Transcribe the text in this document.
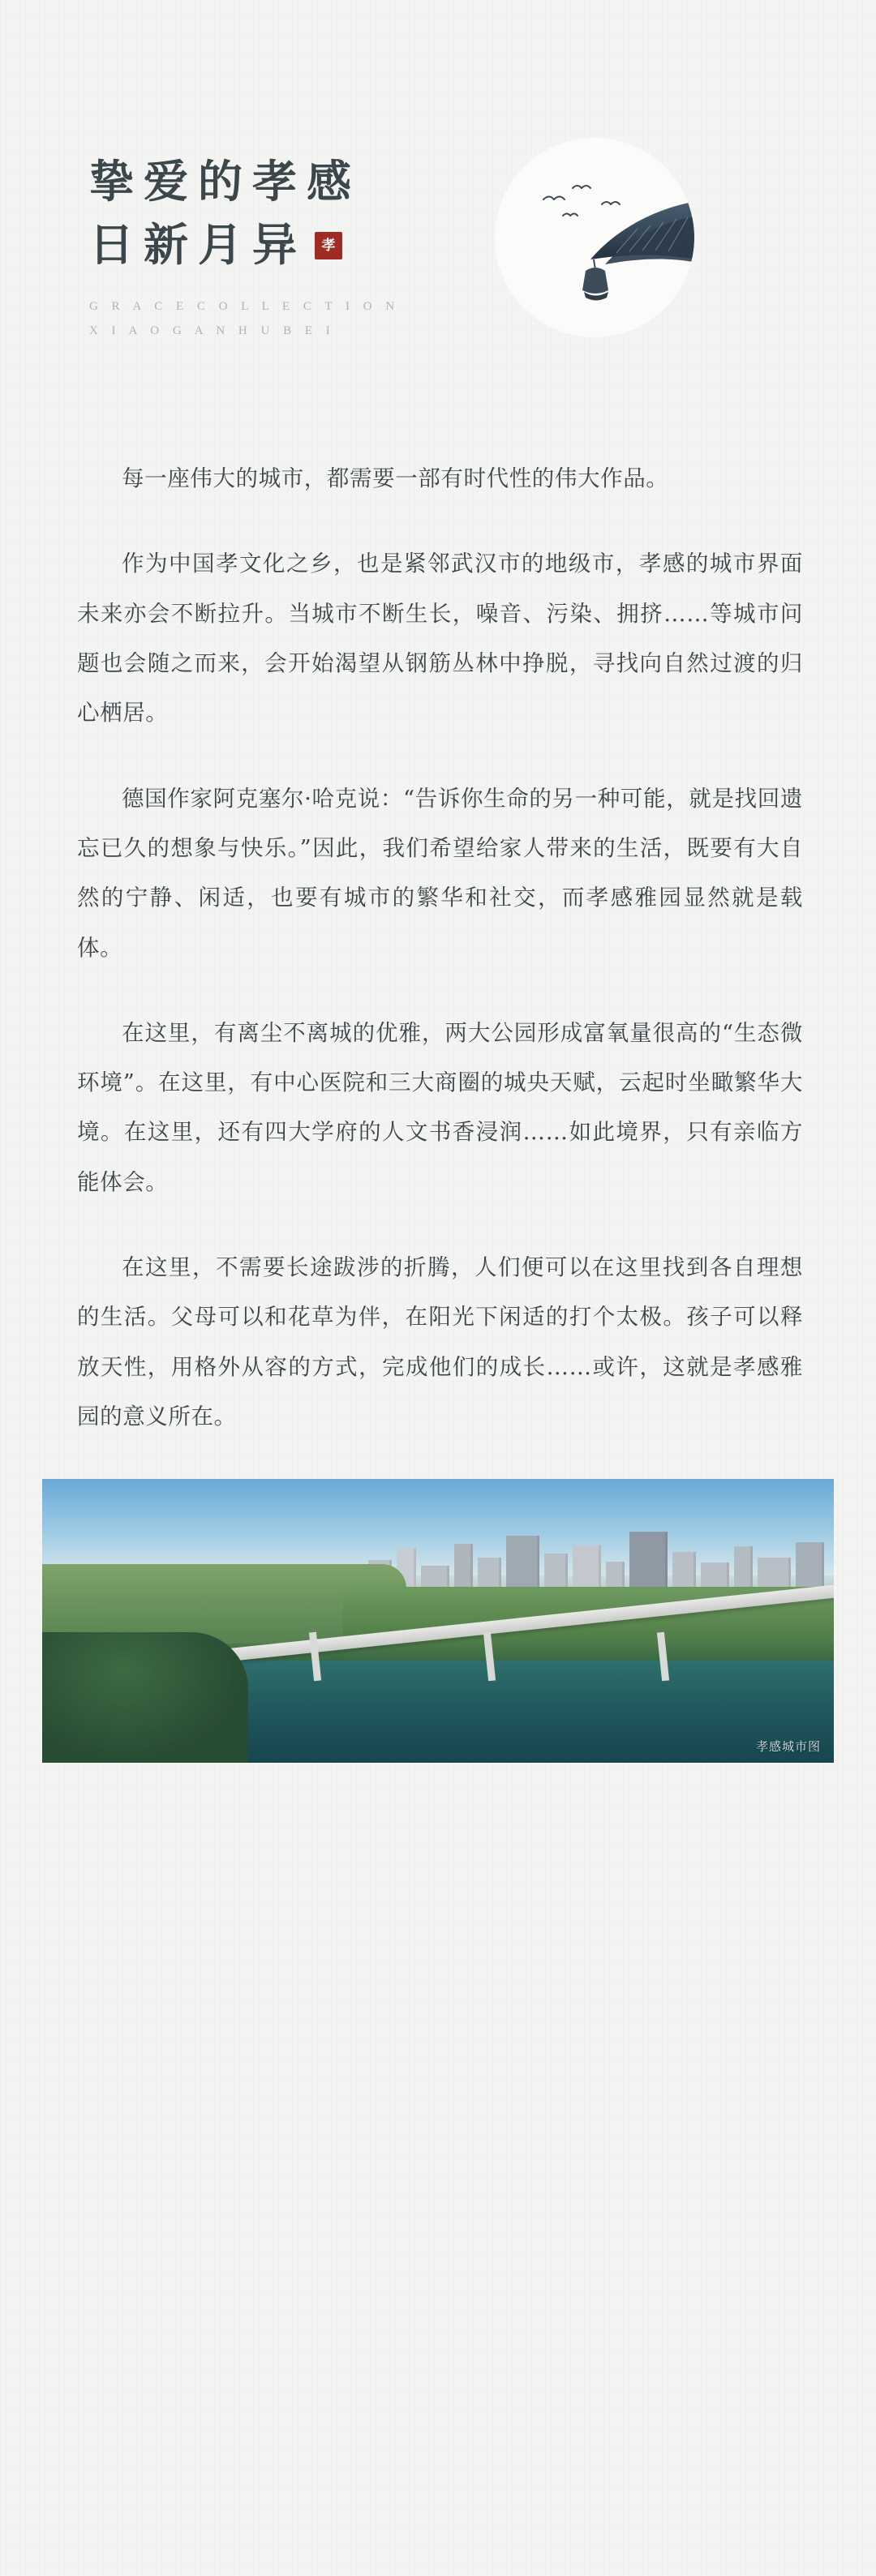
挚爱的孝感
日新月异 孝
G R A C E C O L L E C T I O N
X I A O G A N H U B E I

每一座伟大的城市，都需要一部有时代性的伟大作品。

作为中国孝文化之乡，也是紧邻武汉市的地级市，孝感的城市界面未来亦会不断拉升。当城市不断生长，噪音、污染、拥挤……等城市问题也会随之而来，会开始渴望从钢筋丛林中挣脱，寻找向自然过渡的归心栖居。

德国作家阿克塞尔·哈克说：“告诉你生命的另一种可能，就是找回遗忘已久的想象与快乐。”因此，我们希望给家人带来的生活，既要有大自然的宁静、闲适，也要有城市的繁华和社交，而孝感雅园显然就是载体。

在这里，有离尘不离城的优雅，两大公园形成富氧量很高的“生态微环境”。在这里，有中心医院和三大商圈的城央天赋，云起时坐瞰繁华大境。在这里，还有四大学府的人文书香浸润……如此境界，只有亲临方能体会。

在这里，不需要长途跋涉的折腾，人们便可以在这里找到各自理想的生活。父母可以和花草为伴，在阳光下闲适的打个太极。孩子可以释放天性，用格外从容的方式，完成他们的成长……或许，这就是孝感雅园的意义所在。

孝感城市图
